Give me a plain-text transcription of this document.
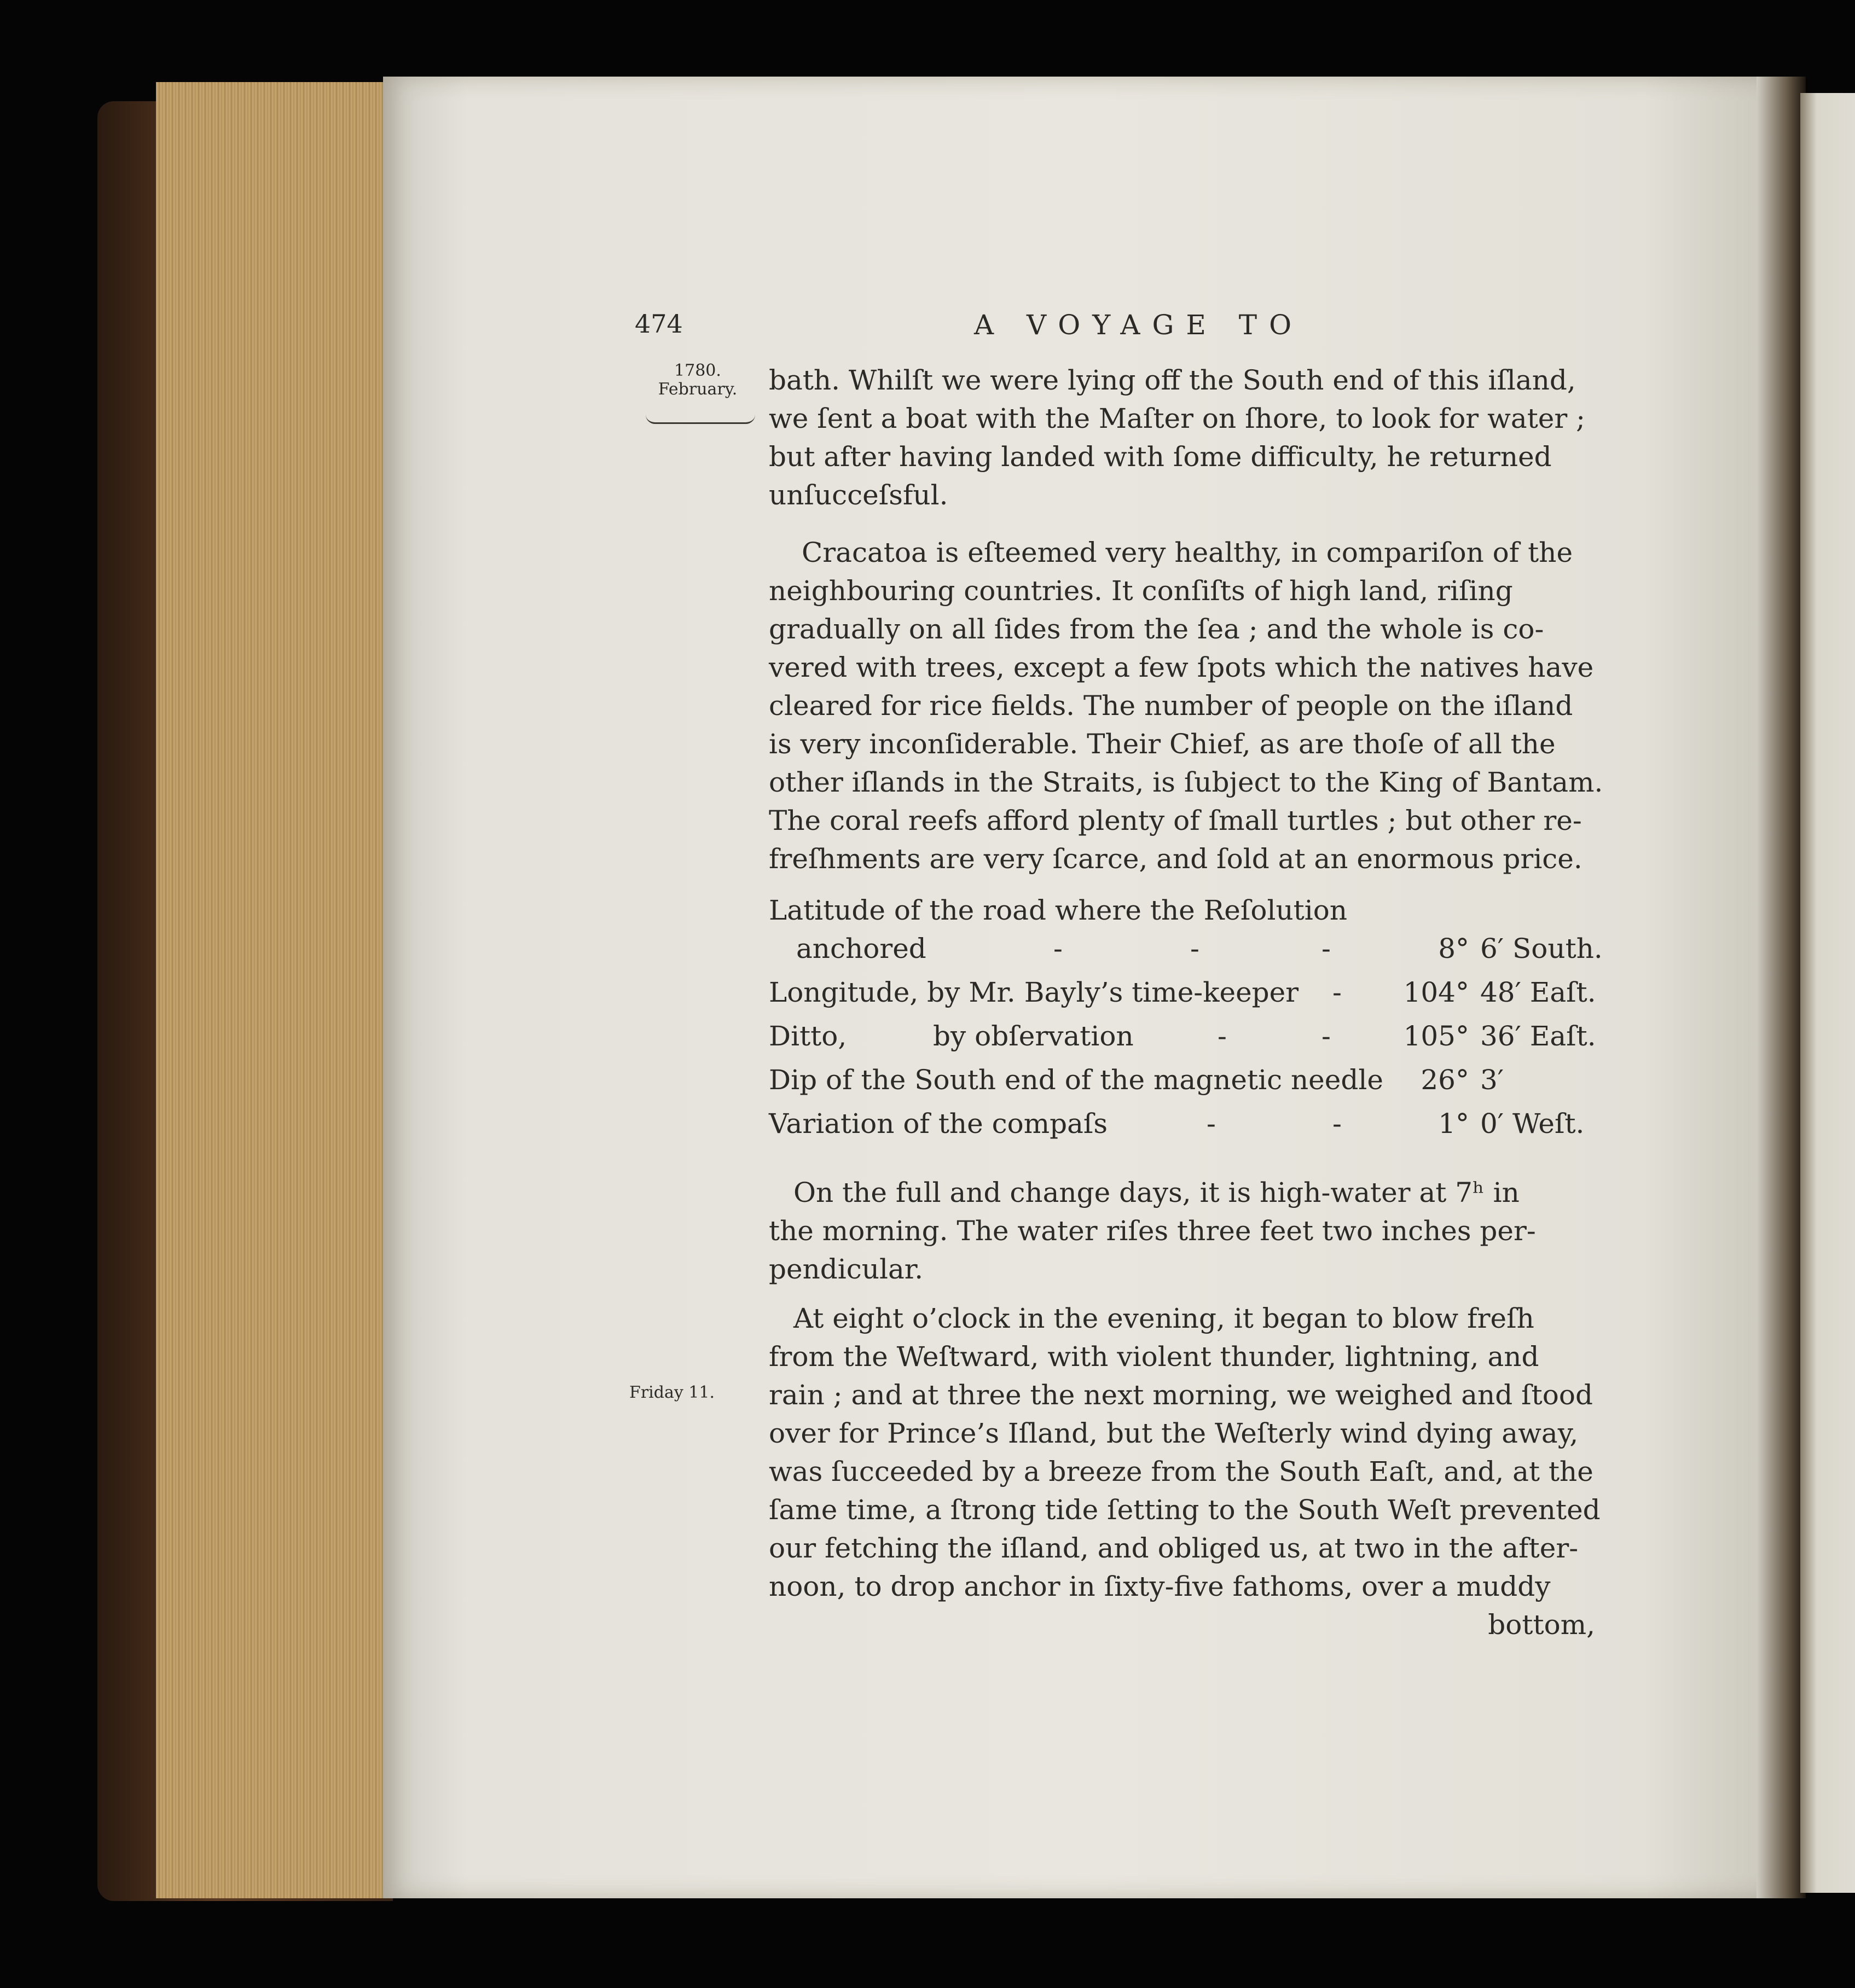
474	A VOYAGE TO
1780.
February.
Friday 11.
bath. Whilſt we were lying off the South end of this iſland,
we ſent a boat with the Maſter on ſhore, to look for water ;
but after having landed with ſome difficulty, he returned
unſucceſsful.
Cracatoa is eſteemed very healthy, in compariſon of the
neighbouring countries. It conſiſts of high land, riſing
gradually on all ſides from the ſea ; and the whole is co-
vered with trees, except a few ſpots which the natives have
cleared for rice fields. The number of people on the iſland
is very inconſiderable. Their Chief, as are thoſe of all the
other iſlands in the Straits, is ſubject to the King of Bantam.
The coral reefs afford plenty of ſmall turtles ; but other re-
freſhments are very ſcarce, and ſold at an enormous price.
Latitude of the road where the Reſolution
anchored	-	-	-	8° 6′ South.
Longitude, by Mr. Bayly’s time-keeper -	104° 48′ Eaſt.
Ditto,	by obſervation	-	-	105° 36′ Eaſt.
Dip of the South end of the magnetic needle	26° 3′
Variation of the compaſs	-	-	1° 0′ Weſt.
On the full and change days, it is high-water at 7ʰ in
the morning. The water riſes three feet two inches per-
pendicular.
At eight o’clock in the evening, it began to blow freſh
from the Weſtward, with violent thunder, lightning, and
rain ; and at three the next morning, we weighed and ſtood
over for Prince’s Iſland, but the Weſterly wind dying away,
was ſucceeded by a breeze from the South Eaſt, and, at the
ſame time, a ſtrong tide ſetting to the South Weſt prevented
our fetching the iſland, and obliged us, at two in the after-
noon, to drop anchor in ſixty-five fathoms, over a muddy
bottom,
